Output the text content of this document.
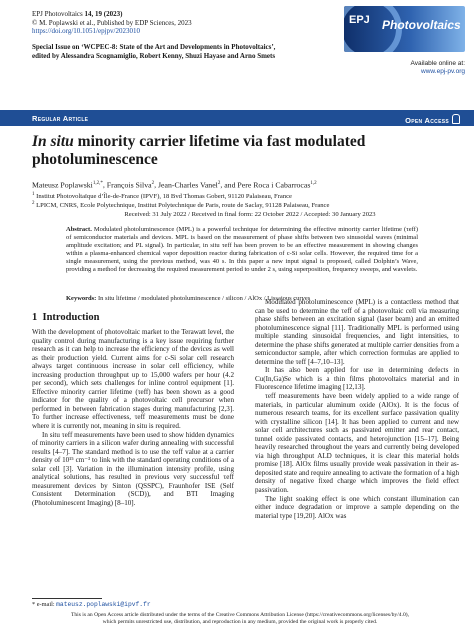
EPJ Photovoltaics 14, 19 (2023)
© M. Poplawski et al., Published by EDP Sciences, 2023
https://doi.org/10.1051/epjpv/2023010
Special Issue on ‘WCPEC-8: State of the Art and Developments in Photovoltaics’,
edited by Alessandra Scognamiglio, Robert Kenny, Shuzi Hayase and Arno Smets
EPJ Photovoltaics
Available online at:
www.epj-pv.org
Regular Article	Open Access
In situ minority carrier lifetime via fast modulated photoluminescence
Mateusz Poplawski$^{1,2,*}$, François Silva$^2$, Jean-Charles Vanel$^2$, and Pere Roca i Cabarrocas$^{1,2}$
$^1$ Institut Photovoltaïque d’Île-de-France (IPVF), 18 Bvd Thomas Gobert, 91120 Palaiseau, France
$^2$ LPICM, CNRS, Ecole Polytechnique, Institut Polytechnique de Paris, route de Saclay, 91128 Palaiseau, France
Received: 31 July 2022 / Received in final form: 22 October 2022 / Accepted: 30 January 2023
Abstract. Modulated photoluminescence (MPL) is a powerful technique for determining the effective minority carrier lifetime (τeff) of semiconductor materials and devices. MPL is based on the measurement of phase shifts between two sinusoidal waves (minimal amplitude excitation; and PL signal). In particular, in situ τeff has been proven to be an effective measurement in showing changes within a plasma-enhanced chemical vapor deposition reactor during fabrication of c-Si solar cells. However, the required time for a single measurement, using the previous method, was 40 s. In this paper a new input signal is proposed, called Dolphin’s Wave, providing a method for decreasing the required measurement period to under 2 s, using superposition, frequency sweeps, and wavelets.
Keywords: In situ lifetime / modulated photoluminescence / silicon / AlOx / Lissajous curves
1 Introduction

With the development of photovoltaic market to the Terawatt level, the quality control during manufacturing is a key issue requiring further research as it can help to increase the efficiency of the devices as well as their production yield. Current aims for c-Si solar cell research always target continuous increase in solar cell efficiency, while increasing production throughput up to 15,000 wafers per hour (4.2 per second), which sets challenges for inline control equipment [1]. Effective minority carrier lifetime (τeff) has been shown as a good indicator for the quality of a photovoltaic cell precursor when performed in between fabrication stages during manufacturing [2,3]. To further increase effectiveness, τeff measurements must be done where it is currently not, meaning in situ is required.

In situ τeff measurements have been used to show hidden dynamics of minority carriers in a silicon wafer during annealing with successful results [4–7]. The standard method is to use the τeff value at a carrier density of 10¹⁵ cm⁻³ to link with the standard operating conditions of a solar cell [3]. Variation in the illumination intensity profile, using analytical solutions, has resulted in previous very successful τeff measurement devices by Sinton (QSSPC), Fraunhofer ISE (Self Consistent Determination (SCD)), and BTI Imaging (Photoluminescent Imaging) [8–10].

Modulated photoluminescence (MPL) is a contactless method that can be used to determine the τeff of a photovoltaic cell via measuring phase shifts between an excitation signal (laser beam) and an emitted photoluminescence signal [11]. Traditionally MPL is performed using multiple standing sinusoidal frequencies, and light intensities, to determine the phase shifts generated at multiple carrier densities from a semiconductor sample, after which correction formulas are applied to determine the τeff [4–7,10–13].

It has also been applied for use in determining defects in Cu(In,Ga)Se which is a thin films photovoltaics material and in Fluorescence lifetime imaging [12,13].

τeff measurements have been widely applied to a wide range of materials, in particular aluminum oxide (AlOx). It is the focus of numerous research teams, for its excellent surface passivation quality with crystalline silicon [14]. It has been applied to current and new solar cell architectures such as passivated emitter and rear contact, tunnel oxide passivated contacts, and heterojunction [15–17]. Being heavily researched throughout the years and currently being developed via high throughput ALD techniques, it is clear this material holds promise [18]. AlOx films usually provide weak passivation in their as-deposited state and require annealing to activate the formation of a high density of negative fixed charge which improves the field effect passivation.

The light soaking effect is one which constant illumination can either induce degradation or improve a sample depending on the material type [19,20]. AlOx was

* e-mail: mateusz.poplawski@ipvf.fr
This is an Open Access article distributed under the terms of the Creative Commons Attribution License (https://creativecommons.org/licenses/by/4.0),
which permits unrestricted use, distribution, and reproduction in any medium, provided the original work is properly cited.
